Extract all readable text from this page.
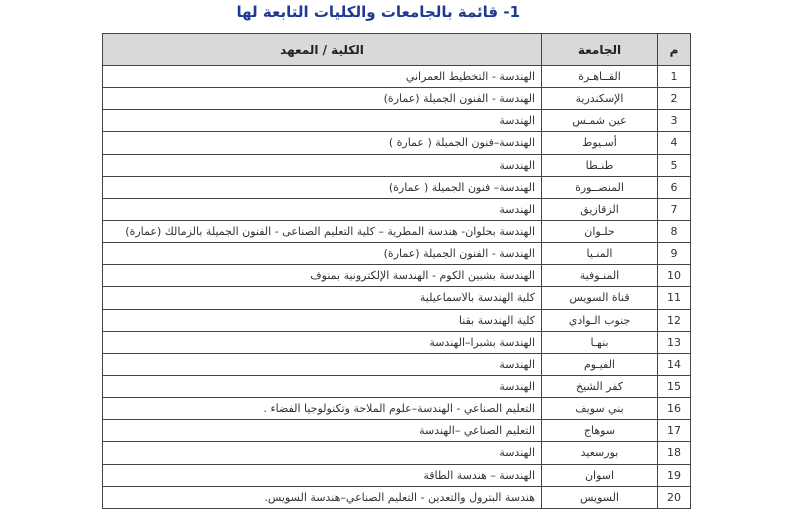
1- قائمة بالجامعات والكليات التابعة لها
م	الجامعة	الكلية / المعهد
1	القــاهـرة	الهندسة - التخطيط العمراني
2	الإسكندرية	الهندسة - الفنون الجميلة (عمارة)
3	عين شمـس	الهندسة
4	أسـيوط	الهندسة–فنون الجميلة ( عمارة )
5	طنـطا	الهندسة
6	المنصــورة	الهندسة– فنون الجميلة ( عمارة)
7	الزقازيق	الهندسة
8	حلـوان	الهندسة بحلوان- هندسة المطرية – كلية التعليم الصناعى - الفنون الجميلة بالزمالك (عمارة)
9	المنـيا	الهندسة - الفنون الجميلة (عمارة)
10	المنـوفية	الهندسة بشبين الكوم - الهندسة الإلكترونية بمنوف
11	قناة السويس	كلية الهندسة بالاسماعيلية
12	جنوب الـوادي	كلية الهندسة بقنا
13	بنهـا	الهندسة بشبرا–الهندسة
14	الفيـوم	الهندسة
15	كفر الشيخ	الهندسة
16	بني سويف	التعليم الصناعي - الهندسة–علوم الملاحة وتكنولوجيا الفضاء .
17	سوهاج	التعليم الصناعي –الهندسة
18	بورسعيد	الهندسة
19	اسوان	الهندسة – هندسة الطاقة
20	السويس	هندسة البترول والتعدين - التعليم الصناعي–هندسة السويس.
